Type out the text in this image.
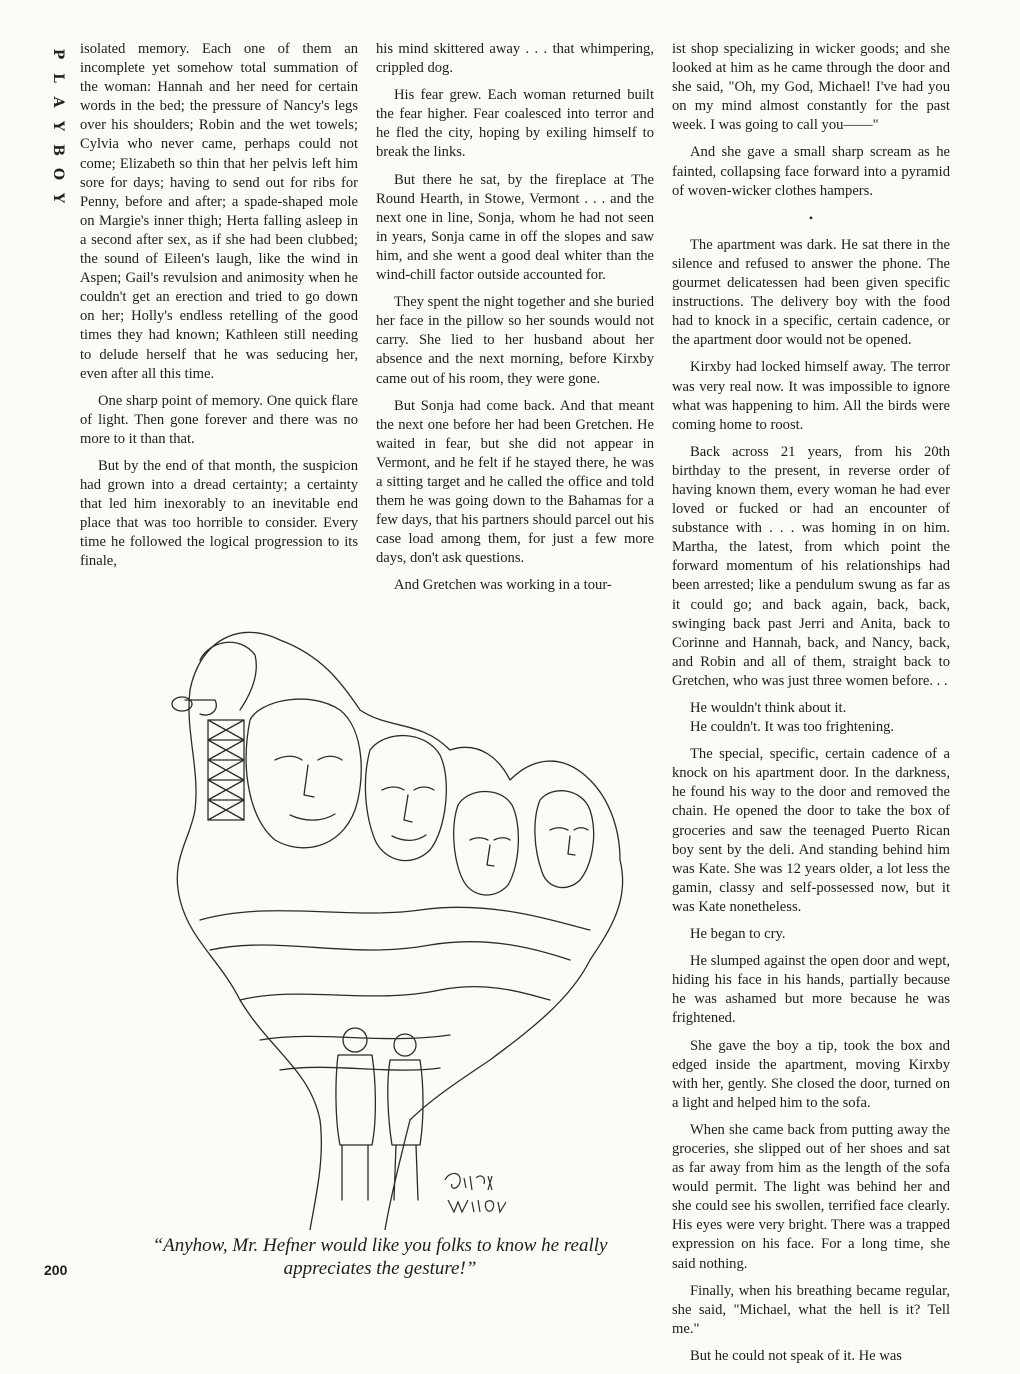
P
L
A
Y
B
O
Y

isolated memory. Each one of them an incomplete yet somehow total summation of the woman: Hannah and her need for certain words in the bed; the pressure of Nancy's legs over his shoulders; Robin and the wet towels; Cylvia who never came, perhaps could not come; Elizabeth so thin that her pelvis left him sore for days; having to send out for ribs for Penny, before and after; a spade-shaped mole on Margie's inner thigh; Herta falling asleep in a second after sex, as if she had been clubbed; the sound of Eileen's laugh, like the wind in Aspen; Gail's revulsion and animosity when he couldn't get an erection and tried to go down on her; Holly's endless retelling of the good times they had known; Kathleen still needing to delude herself that he was seducing her, even after all this time.

One sharp point of memory. One quick flare of light. Then gone forever and there was no more to it than that.

But by the end of that month, the suspicion had grown into a dread certainty; a certainty that led him inexorably to an inevitable end place that was too horrible to consider. Every time he followed the logical progression to its finale,

his mind skittered away . . . that whimpering, crippled dog.

His fear grew. Each woman returned built the fear higher. Fear coalesced into terror and he fled the city, hoping by exiling himself to break the links.

But there he sat, by the fireplace at The Round Hearth, in Stowe, Vermont . . . and the next one in line, Sonja, whom he had not seen in years, Sonja came in off the slopes and saw him, and she went a good deal whiter than the wind-chill factor outside accounted for.

They spent the night together and she buried her face in the pillow so her sounds would not carry. She lied to her husband about her absence and the next morning, before Kirxby came out of his room, they were gone.

But Sonja had come back. And that meant the next one before her had been Gretchen. He waited in fear, but she did not appear in Vermont, and he felt if he stayed there, he was a sitting target and he called the office and told them he was going down to the Bahamas for a few days, that his partners should parcel out his case load among them, for just a few more days, don't ask questions.

And Gretchen was working in a tour-

ist shop specializing in wicker goods; and she looked at him as he came through the door and she said, "Oh, my God, Michael! I've had you on my mind almost constantly for the past week. I was going to call you——"

And she gave a small sharp scream as he fainted, collapsing face forward into a pyramid of woven-wicker clothes hampers.

•

The apartment was dark. He sat there in the silence and refused to answer the phone. The gourmet delicatessen had been given specific instructions. The delivery boy with the food had to knock in a specific, certain cadence, or the apartment door would not be opened.

Kirxby had locked himself away. The terror was very real now. It was impossible to ignore what was happening to him. All the birds were coming home to roost.

Back across 21 years, from his 20th birthday to the present, in reverse order of having known them, every woman he had ever loved or fucked or had an encounter of substance with . . . was homing in on him. Martha, the latest, from which point the forward momentum of his relationships had been arrested; like a pendulum swung as far as it could go; and back again, back, back, swinging back past Jerri and Anita, back to Corinne and Hannah, back, and Nancy, back, and Robin and all of them, straight back to Gretchen, who was just three women before. . .

He wouldn't think about it.

He couldn't. It was too frightening.

The special, specific, certain cadence of a knock on his apartment door. In the darkness, he found his way to the door and removed the chain. He opened the door to take the box of groceries and saw the teenaged Puerto Rican boy sent by the deli. And standing behind him was Kate. She was 12 years older, a lot less the gamin, classy and self-possessed now, but it was Kate nonetheless.

He began to cry.

He slumped against the open door and wept, hiding his face in his hands, partially because he was ashamed but more because he was frightened.

She gave the boy a tip, took the box and edged inside the apartment, moving Kirxby with her, gently. She closed the door, turned on a light and helped him to the sofa.

When she came back from putting away the groceries, she slipped out of her shoes and sat as far away from him as the length of the sofa would permit. The light was behind her and she could see his swollen, terrified face clearly. His eyes were very bright. There was a trapped expression on his face. For a long time, she said nothing.

Finally, when his breathing became regular, she said, "Michael, what the hell is it? Tell me."

But he could not speak of it. He was

“Anyhow, Mr. Hefner would like you folks to know he really appreciates the gesture!”
200
